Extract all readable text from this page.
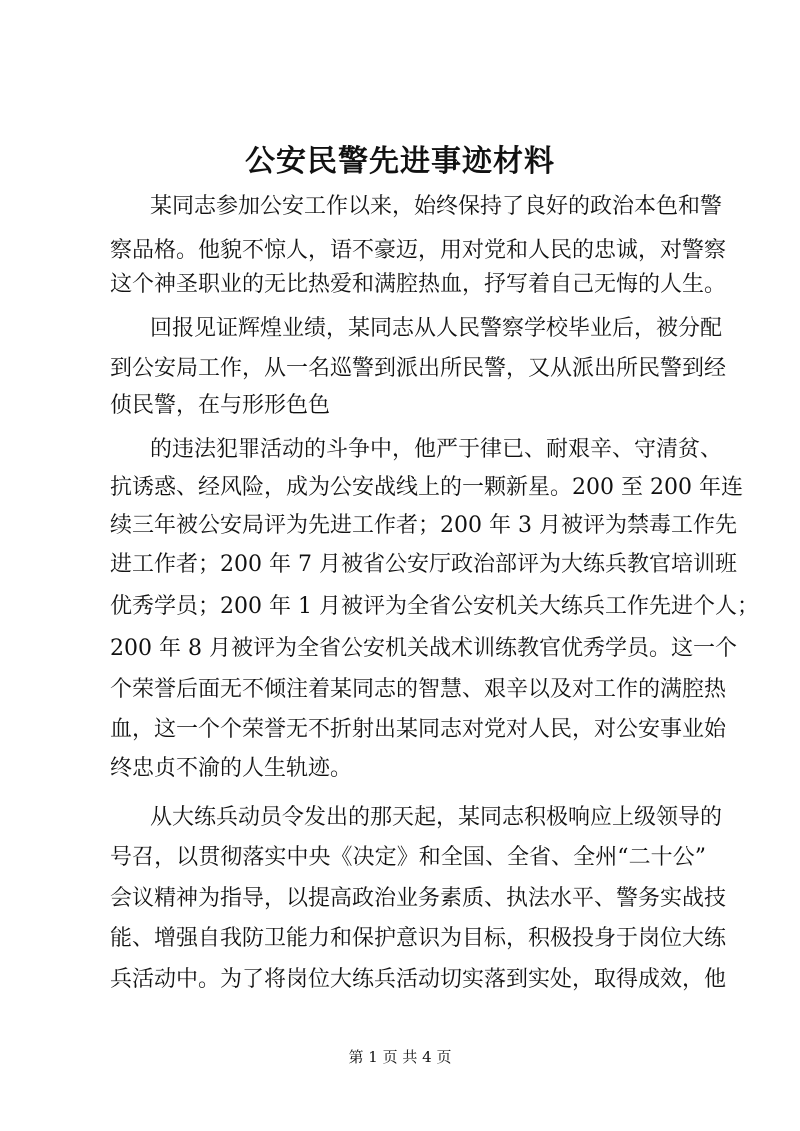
公安民警先进事迹材料
某同志参加公安工作以来，始终保持了良好的政治本色和警
察品格。他貌不惊人，语不豪迈，用对党和人民的忠诚，对警察
这个神圣职业的无比热爱和满腔热血，抒写着自己无悔的人生。
回报见证辉煌业绩，某同志从人民警察学校毕业后，被分配
到公安局工作，从一名巡警到派出所民警，又从派出所民警到经
侦民警，在与形形色色
的违法犯罪活动的斗争中，他严于律已、耐艰辛、守清贫、
抗诱惑、经风险，成为公安战线上的一颗新星。200 至 200 年连
续三年被公安局评为先进工作者；200 年 3 月被评为禁毒工作先
进工作者；200 年 7 月被省公安厅政治部评为大练兵教官培训班
优秀学员；200 年 1 月被评为全省公安机关大练兵工作先进个人；
200 年 8 月被评为全省公安机关战术训练教官优秀学员。这一个
个荣誉后面无不倾注着某同志的智慧、艰辛以及对工作的满腔热
血，这一个个荣誉无不折射出某同志对党对人民，对公安事业始
终忠贞不渝的人生轨迹。
从大练兵动员令发出的那天起，某同志积极响应上级领导的
号召，以贯彻落实中央《决定》和全国、全省、全州“二十公”
会议精神为指导，以提高政治业务素质、执法水平、警务实战技
能、增强自我防卫能力和保护意识为目标，积极投身于岗位大练
兵活动中。为了将岗位大练兵活动切实落到实处，取得成效，他
第 1 页 共 4 页
